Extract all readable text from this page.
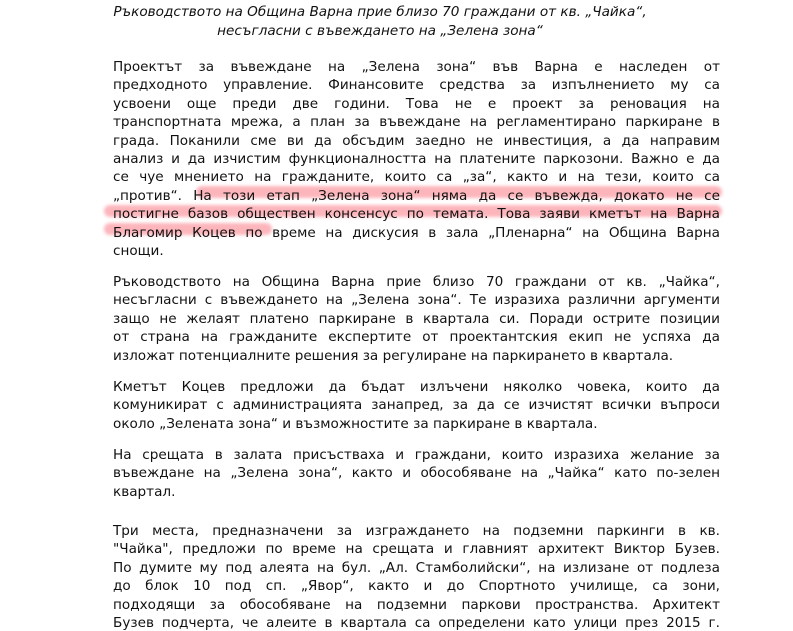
Ръководството на Община Варна прие близо 70 граждани от кв. „Чайка“,

несъгласни с въвеждането на „Зелена зона“

Проектът за въвеждане на „Зелена зона“ във Варна е наследен от
предходното управление. Финансовите средства за изпълнението му са
усвоени още преди две години. Това не е проект за реновация на
транспортната мрежа, а план за въвеждане на регламентирано паркиране в
града. Поканили сме ви да обсъдим заедно не инвестиция, а да направим
анализ и да изчистим функционалността на платените паркозони. Важно е да
се чуе мнението на гражданите, които са „за“, както и на тези, които са
„против“. На този етап „Зелена зона“ няма да се въвежда, докато не се
постигне базов обществен консенсус по темата. Това заяви кметът на Варна
Благомир Коцев по време на дискусия в зала „Пленарна“ на Община Варна
снощи.
Ръководството на Община Варна прие близо 70 граждани от кв. „Чайка“,
несъгласни с въвеждането на „Зелена зона“. Те изразиха различни аргументи
защо не желаят платено паркиране в квартала си. Поради острите позиции
от страна на гражданите експертите от проектантския екип не успяха да
изложат потенциалните решения за регулиране на паркирането в квартала.
Кметът Коцев предложи да бъдат излъчени няколко човека, които да
комуникират с администрацията занапред, за да се изчистят всички въпроси
около „Зелената зона“ и възможностите за паркиране в квартала.
На срещата в залата присъстваха и граждани, които изразиха желание за
въвеждане на „Зелена зона“, както и обособяване на „Чайка“ като по-зелен
квартал.
Три места, предназначени за изграждането на подземни паркинги в кв.
"Чайка", предложи по време на срещата и главният архитект Виктор Бузев.
По думите му под алеята на бул. „Ал. Стамболийски“, на излизане от подлеза
до блок 10 под сп. „Явор“, както и до Спортното училище, са зони,
подходящи за обособяване на подземни паркови пространства. Архитект
Бузев подчерта, че алеите в квартала са определени като улици през 2015 г.
